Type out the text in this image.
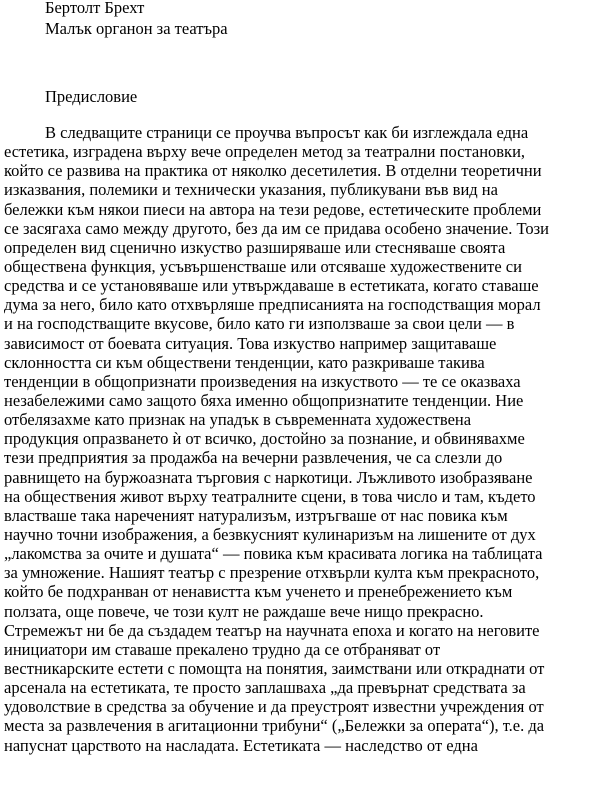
Бертолт Брехт
Малък органон за театъра
Предисловие
В следващите страници се проучва въпросът как би изглеждала една
естетика, изградена върху вече определен метод за театрални постановки,
който се развива на практика от няколко десетилетия. В отделни теоретични
изказвания, полемики и технически указания, публикувани във вид на
бележки към някои пиеси на автора на тези редове, естетическите проблеми
се засягаха само между другото, без да им се придава особено значение. Този
определен вид сценично изкуство разширяваше или стесняваше своята
обществена функция, усъвършенстваше или отсяваше художествените си
средства и се установяваше или утвърждаваше в естетиката, когато ставаше
дума за него, било като отхвърляше предписанията на господстващия морал
и на господстващите вкусове, било като ги използваше за свои цели — в
зависимост от боевата ситуация. Това изкуство например защитаваше
склонността си към обществени тенденции, като разкриваше такива
тенденции в общопризнати произведения на изкуството — те се оказваха
незабележими само защото бяха именно общопризнатите тенденции. Ние
отбелязахме като признак на упадък в съвременната художествена
продукция опразването ѝ от всичко, достойно за познание, и обвинявахме
тези предприятия за продажба на вечерни развлечения, че са слезли до
равнището на буржоазната търговия с наркотици. Лъжливото изобразяване
на обществения живот върху театралните сцени, в това число и там, където
властваше така нареченият натурализъм, изтръгваше от нас повика към
научно точни изображения, а безвкусният кулинаризъм на лишените от дух
„лакомства за очите и душата“ — повика към красивата логика на таблицата
за умножение. Нашият театър с презрение отхвърли култа към прекрасното,
който бе подхранван от ненавистта към ученето и пренебрежението към
ползата, още повече, че този култ не раждаше вече нищо прекрасно.
Стремежът ни бе да създадем театър на научната епоха и когато на неговите
инициатори им ставаше прекалено трудно да се отбраняват от
вестникарските естети с помощта на понятия, заимствани или откраднати от
арсенала на естетиката, те просто заплашваха „да превърнат средствата за
удоволствие в средства за обучение и да преустроят известни учреждения от
места за развлечения в агитационни трибуни“ („Бележки за операта“), т.е. да
напуснат царството на насладата. Естетиката — наследство от една
